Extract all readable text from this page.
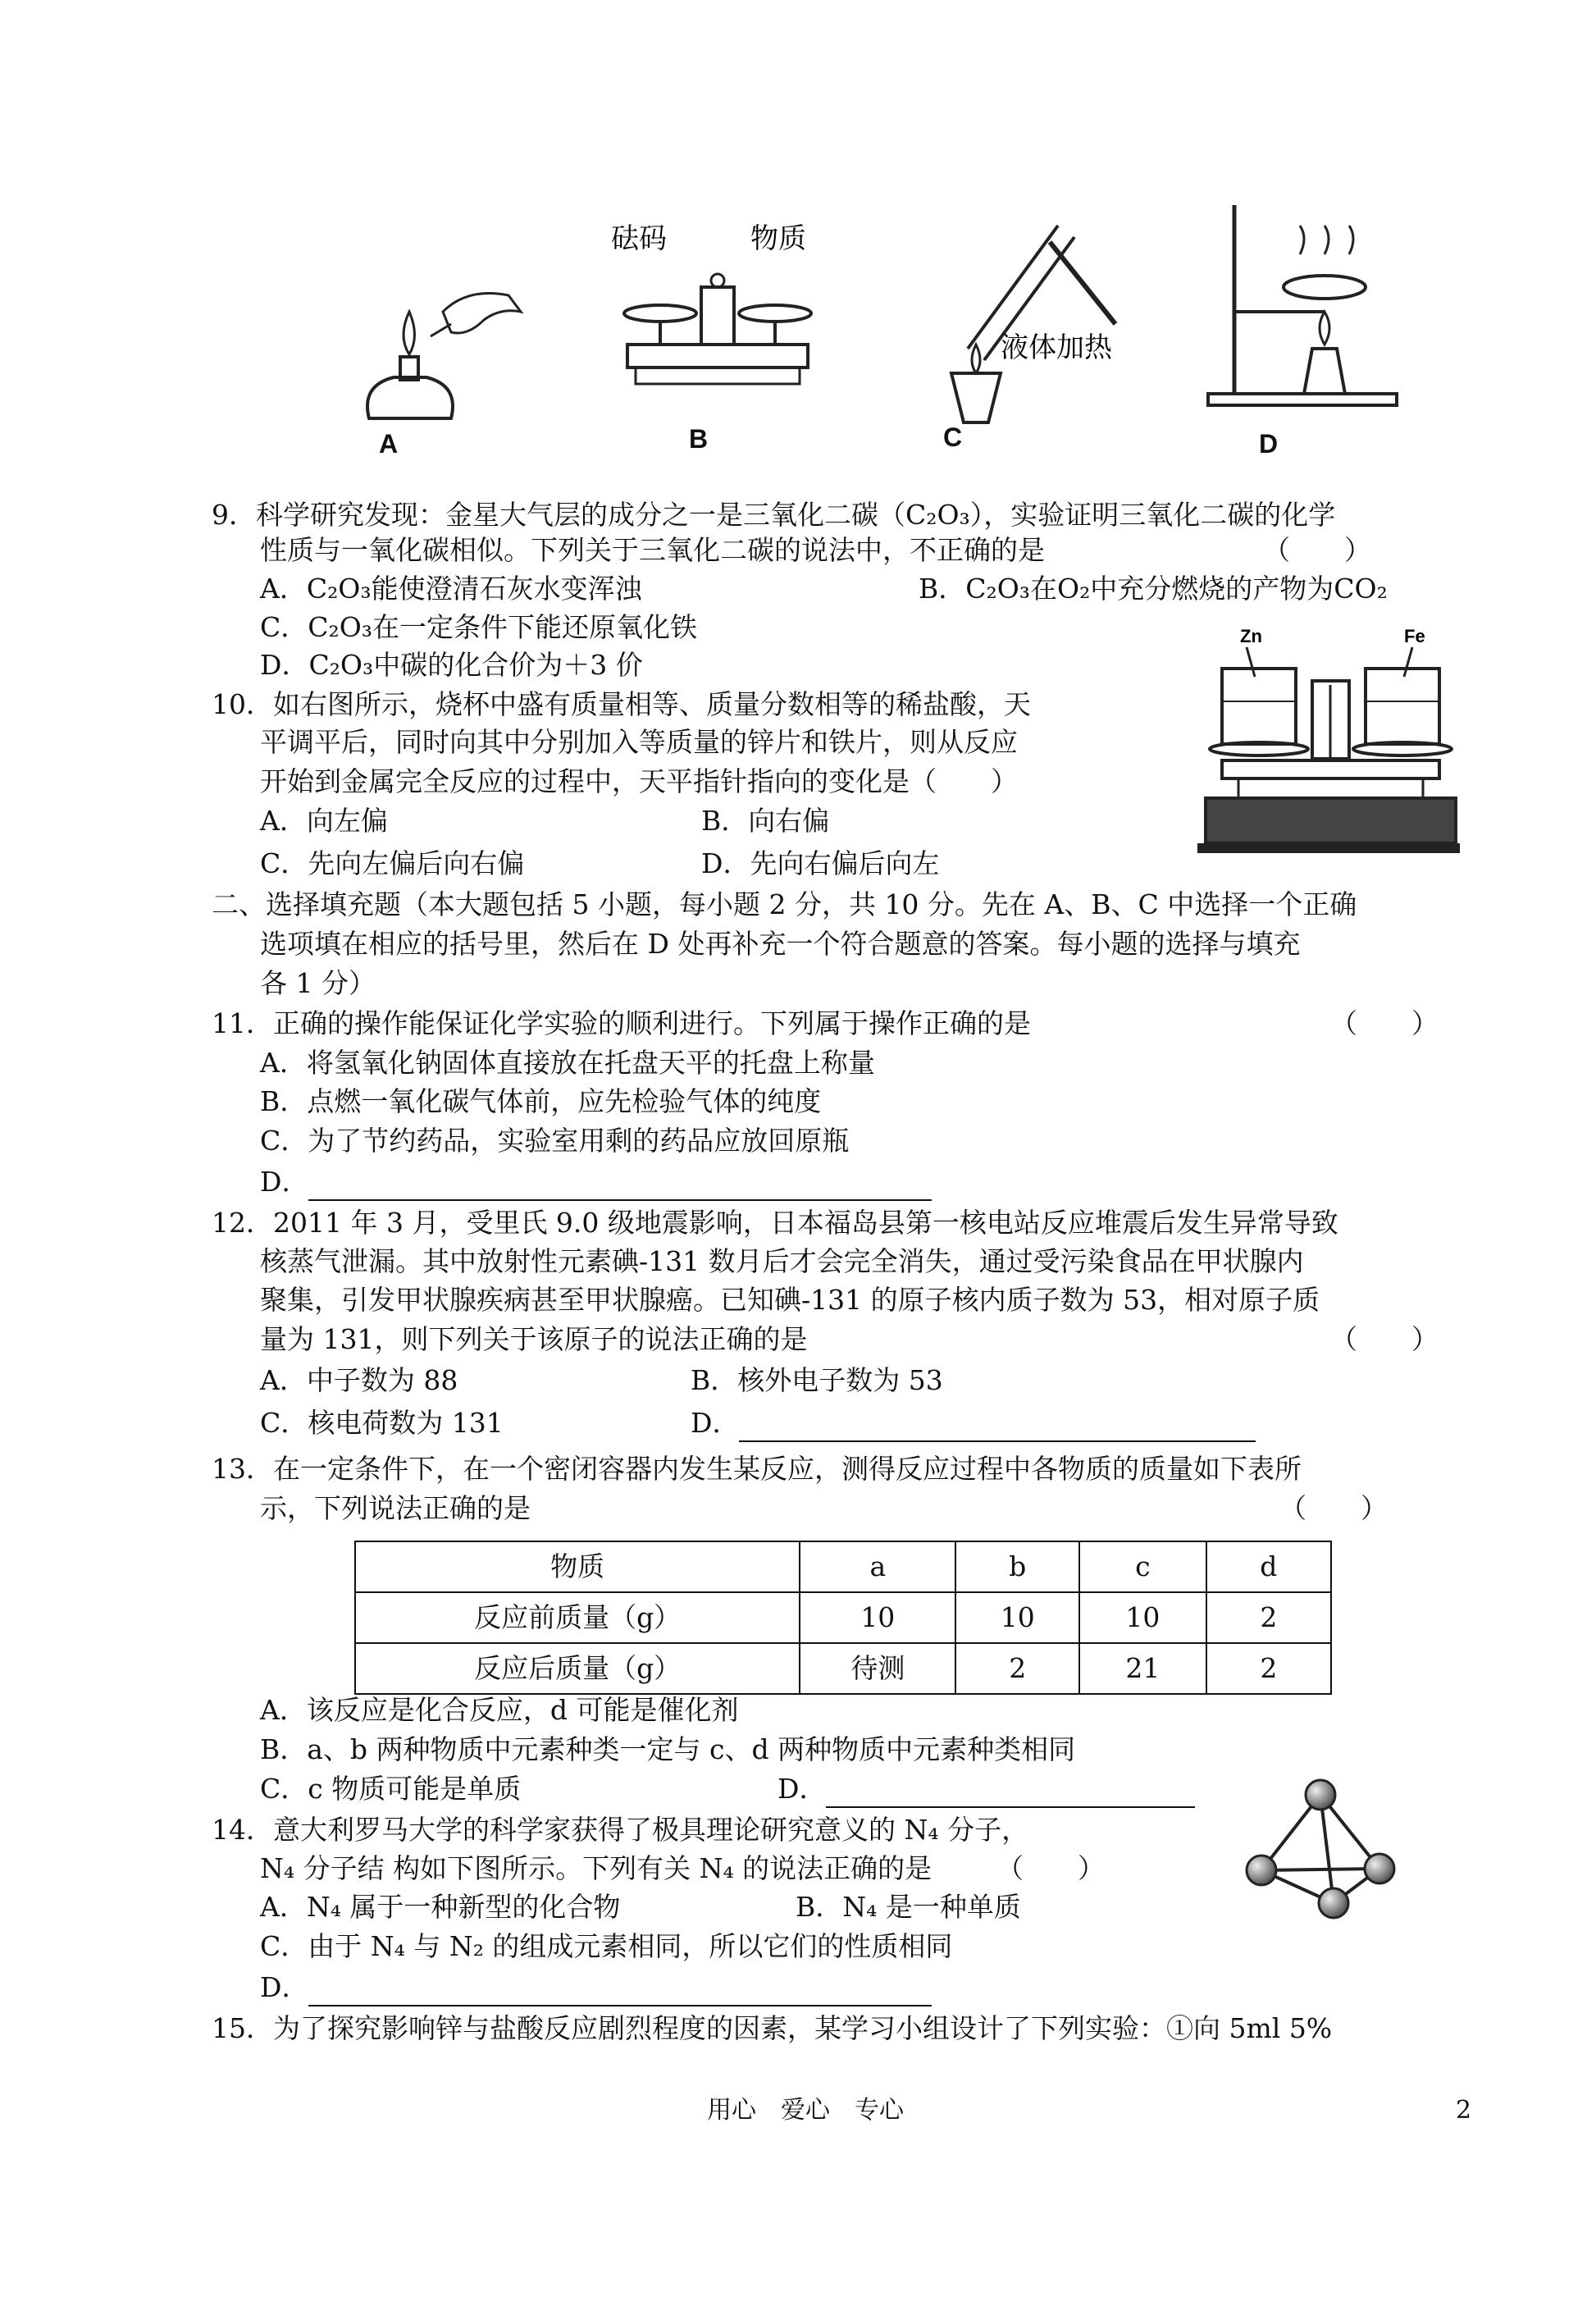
砝码	物质
液体加热
A	B	C	D
9．科学研究发现：金星大气层的成分之一是三氧化二碳（C₂O₃），实验证明三氧化二碳的化学
性质与一氧化碳相似。下列关于三氧化二碳的说法中，不正确的是	（　　）
A．C₂O₃能使澄清石灰水变浑浊	B．C₂O₃在O₂中充分燃烧的产物为CO₂
C．C₂O₃在一定条件下能还原氧化铁
D．C₂O₃中碳的化合价为＋3 价
10．如右图所示，烧杯中盛有质量相等、质量分数相等的稀盐酸，天
平调平后，同时向其中分别加入等质量的锌片和铁片，则从反应
开始到金属完全反应的过程中，天平指针指向的变化是（　　）
A．向左偏	B．向右偏
C．先向左偏后向右偏	D．先向右偏后向左
Zn	Fe
二、选择填充题（本大题包括 5 小题，每小题 2 分，共 10 分。先在 A、B、C 中选择一个正确
选项填在相应的括号里，然后在 D 处再补充一个符合题意的答案。每小题的选择与填充
各 1 分）
11．正确的操作能保证化学实验的顺利进行。下列属于操作正确的是	（　　）
A．将氢氧化钠固体直接放在托盘天平的托盘上称量
B．点燃一氧化碳气体前，应先检验气体的纯度
C．为了节约药品，实验室用剩的药品应放回原瓶
D．
12．2011 年 3 月，受里氏 9.0 级地震影响，日本福岛县第一核电站反应堆震后发生异常导致
核蒸气泄漏。其中放射性元素碘-131 数月后才会完全消失，通过受污染食品在甲状腺内
聚集，引发甲状腺疾病甚至甲状腺癌。已知碘-131 的原子核内质子数为 53，相对原子质
量为 131，则下列关于该原子的说法正确的是	（　　）
A．中子数为 88	B．核外电子数为 53
C．核电荷数为 131	D．
13．在一定条件下，在一个密闭容器内发生某反应，测得反应过程中各物质的质量如下表所
示，下列说法正确的是	（　　）
物质	a	b	c	d
反应前质量（g）	10	10	10	2
反应后质量（g）	待测	2	21	2
A．该反应是化合反应，d 可能是催化剂
B．a、b 两种物质中元素种类一定与 c、d 两种物质中元素种类相同
C．c 物质可能是单质	D．
14．意大利罗马大学的科学家获得了极具理论研究意义的 N₄ 分子，
N₄ 分子结 构如下图所示。下列有关 N₄ 的说法正确的是 （　　）
A．N₄ 属于一种新型的化合物	B．N₄ 是一种单质
C．由于 N₄ 与 N₂ 的组成元素相同，所以它们的性质相同
D．
15．为了探究影响锌与盐酸反应剧烈程度的因素，某学习小组设计了下列实验：①向 5ml 5%
用心　爱心　专心	2
